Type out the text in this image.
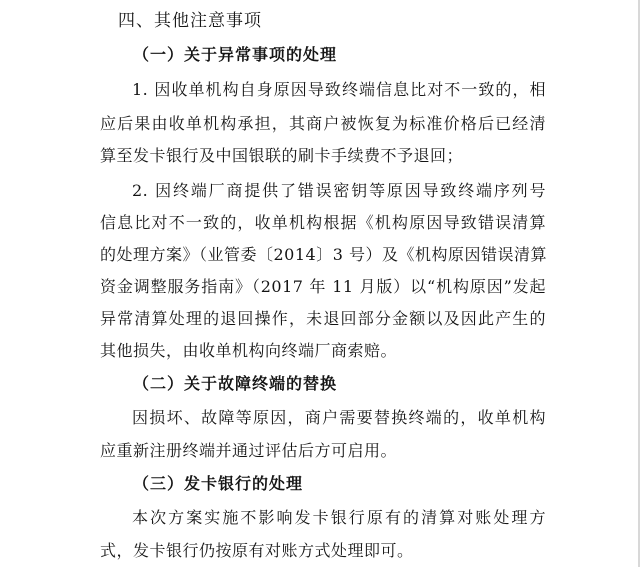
四、其他注意事项
（一）关于异常事项的处理
1. 因收单机构自身原因导致终端信息比对不一致的，相
应后果由收单机构承担，其商户被恢复为标准价格后已经清
算至发卡银行及中国银联的刷卡手续费不予退回；
2. 因终端厂商提供了错误密钥等原因导致终端序列号
信息比对不一致的，收单机构根据《机构原因导致错误清算
的处理方案》（业管委〔2014〕3 号）及《机构原因错误清算
资金调整服务指南》（2017 年 11 月版）以“机构原因”发起
异常清算处理的退回操作，未退回部分金额以及因此产生的
其他损失，由收单机构向终端厂商索赔。
（二）关于故障终端的替换
因损坏、故障等原因，商户需要替换终端的，收单机构
应重新注册终端并通过评估后方可启用。
（三）发卡银行的处理
本次方案实施不影响发卡银行原有的清算对账处理方
式，发卡银行仍按原有对账方式处理即可。
